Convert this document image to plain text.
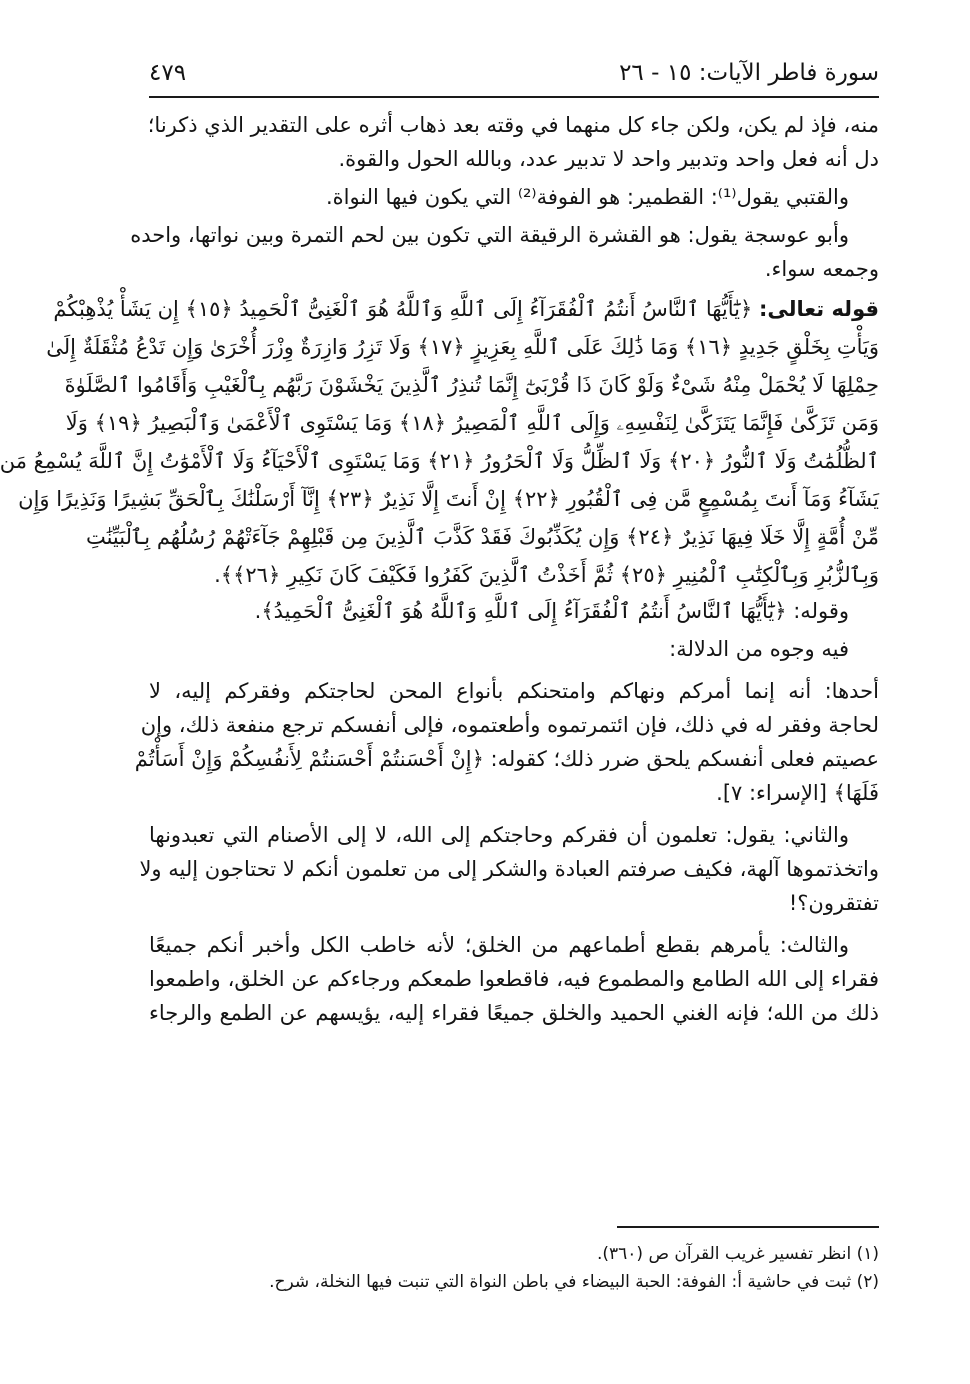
سورة فاطر الآيات: ١٥ - ٢٦
٤٧٩
منه، فإذ لم يكن، ولكن جاء كل منهما في وقته بعد ذهاب أثره على التقدير الذي ذكرنا؛
دل أنه فعل واحد وتدبير واحد لا تدبير عدد، وبالله الحول والقوة.
والقتبي يقول⁽¹⁾: القطمير: هو الفوفة⁽²⁾ التي يكون فيها النواة.
وأبو عوسجة يقول: هو القشرة الرقيقة التي تكون بين لحم التمرة وبين نواتها، واحده
وجمعه سواء.
قوله تعالى: ﴿يَٰٓأَيُّهَا ٱلنَّاسُ أَنتُمُ ٱلْفُقَرَآءُ إِلَى ٱللَّهِ وَٱللَّهُ هُوَ ٱلْغَنِىُّ ٱلْحَمِيدُ ﴿١٥﴾ إِن يَشَأْ يُذْهِبْكُمْ
وَيَأْتِ بِخَلْقٍ جَدِيدٍ ﴿١٦﴾ وَمَا ذَٰلِكَ عَلَى ٱللَّهِ بِعَزِيزٍ ﴿١٧﴾ وَلَا تَزِرُ وَازِرَةٌ وِزْرَ أُخْرَىٰ وَإِن تَدْعُ مُثْقَلَةٌ إِلَىٰ
حِمْلِهَا لَا يُحْمَلْ مِنْهُ شَىْءٌ وَلَوْ كَانَ ذَا قُرْبَىٰٓ إِنَّمَا تُنذِرُ ٱلَّذِينَ يَخْشَوْنَ رَبَّهُم بِٱلْغَيْبِ وَأَقَامُوا ٱلصَّلَوٰةَ
وَمَن تَزَكَّىٰ فَإِنَّمَا يَتَزَكَّىٰ لِنَفْسِهِۦ وَإِلَى ٱللَّهِ ٱلْمَصِيرُ ﴿١٨﴾ وَمَا يَسْتَوِى ٱلْأَعْمَىٰ وَٱلْبَصِيرُ ﴿١٩﴾ وَلَا
ٱلظُّلُمَٰتُ وَلَا ٱلنُّورُ ﴿٢٠﴾ وَلَا ٱلظِّلُّ وَلَا ٱلْحَرُورُ ﴿٢١﴾ وَمَا يَسْتَوِى ٱلْأَحْيَآءُ وَلَا ٱلْأَمْوَٰتُ إِنَّ ٱللَّهَ يُسْمِعُ مَن
يَشَآءُ وَمَآ أَنتَ بِمُسْمِعٍ مَّن فِى ٱلْقُبُورِ ﴿٢٢﴾ إِنْ أَنتَ إِلَّا نَذِيرٌ ﴿٢٣﴾ إِنَّآ أَرْسَلْنَٰكَ بِٱلْحَقِّ بَشِيرًا وَنَذِيرًا وَإِن
مِّنْ أُمَّةٍ إِلَّا خَلَا فِيهَا نَذِيرٌ ﴿٢٤﴾ وَإِن يُكَذِّبُوكَ فَقَدْ كَذَّبَ ٱلَّذِينَ مِن قَبْلِهِمْ جَآءَتْهُمْ رُسُلُهُم بِٱلْبَيِّنَٰتِ
وَبِٱلزُّبُرِ وَبِٱلْكِتَٰبِ ٱلْمُنِيرِ ﴿٢٥﴾ ثُمَّ أَخَذْتُ ٱلَّذِينَ كَفَرُوا فَكَيْفَ كَانَ نَكِيرِ ﴿٢٦﴾﴾.
وقوله: ﴿يَٰٓأَيُّهَا ٱلنَّاسُ أَنتُمُ ٱلْفُقَرَآءُ إِلَى ٱللَّهِ وَٱللَّهُ هُوَ ٱلْغَنِىُّ ٱلْحَمِيدُ﴾.
فيه وجوه من الدلالة:
أحدها: أنه إنما أمركم ونهاكم وامتحنكم بأنواع المحن لحاجتكم وفقركم إليه، لا
لحاجة وفقر له في ذلك، فإن ائتمرتموه وأطعتموه، فإلى أنفسكم ترجع منفعة ذلك، وإن
عصيتم فعلى أنفسكم يلحق ضرر ذلك؛ كقوله: ﴿إِنْ أَحْسَنتُمْ أَحْسَنتُمْ لِأَنفُسِكُمْ وَإِنْ أَسَأْتُمْ
فَلَهَا﴾ [الإسراء: ٧].
والثاني: يقول: تعلمون أن فقركم وحاجتكم إلى الله، لا إلى الأصنام التي تعبدونها
واتخذتموها آلهة، فكيف صرفتم العبادة والشكر إلى من تعلمون أنكم لا تحتاجون إليه ولا
تفتقرون؟!
والثالث: يأمرهم بقطع أطماعهم من الخلق؛ لأنه خاطب الكل وأخبر أنكم جميعًا
فقراء إلى الله الطامع والمطموع فيه، فاقطعوا طمعكم ورجاءكم عن الخلق، واطمعوا
ذلك من الله؛ فإنه الغني الحميد والخلق جميعًا فقراء إليه، يؤيسهم عن الطمع والرجاء
(١) انظر تفسير غريب القرآن ص (٣٦٠).
(٢) ثبت في حاشية أ: الفوفة: الحبة البيضاء في باطن النواة التي تنبت فيها النخلة، شرح.
